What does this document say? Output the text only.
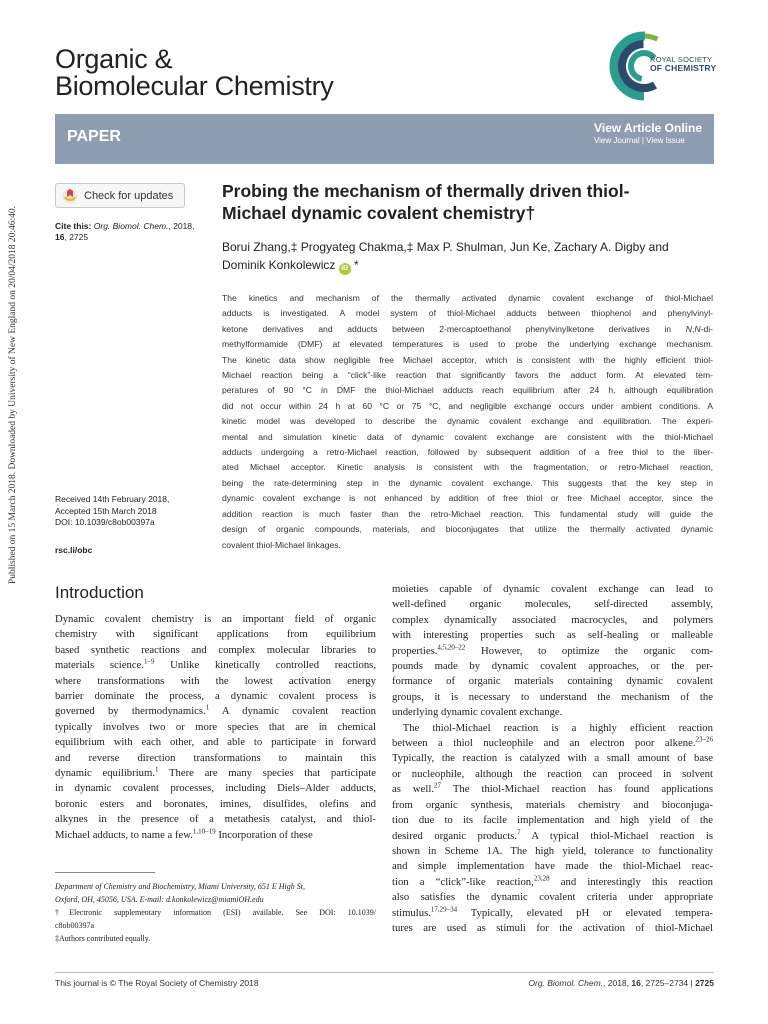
Published on 15 March 2018. Downloaded by University of New England on 20/04/2018 20:46:40.
Organic &
Biomolecular Chemistry
ROYAL SOCIETY
OF CHEMISTRY
PAPER	View Article Online
View Journal | View Issue
Check for updates
Cite this: Org. Biomol. Chem., 2018,
16, 2725
Probing the mechanism of thermally driven thiol-
Michael dynamic covalent chemistry†
Borui Zhang,‡ Progyateg Chakma,‡ Max P. Shulman, Jun Ke, Zachary A. Digby and
Dominik Konkolewicz iD *
The kinetics and mechanism of the thermally activated dynamic covalent exchange of thiol-Michael
adducts is investigated. A model system of thiol-Michael adducts between thiophenol and phenylvinyl-
ketone derivatives and adducts between 2-mercaptoethanol phenylvinylketone derivatives in N,N-di-
methylformamide (DMF) at elevated temperatures is used to probe the underlying exchange mechanism.
The kinetic data show negligible free Michael acceptor, which is consistent with the highly efficient thiol-
Michael reaction being a “click”-like reaction that significantly favors the adduct form. At elevated tem-
peratures of 90 °C in DMF the thiol-Michael adducts reach equilibrium after 24 h, although equilibration
did not occur within 24 h at 60 °C or 75 °C, and negligible exchange occurs under ambient conditions. A
kinetic model was developed to describe the dynamic covalent exchange and equilibration. The experi-
mental and simulation kinetic data of dynamic covalent exchange are consistent with the thiol-Michael
adducts undergoing a retro-Michael reaction, followed by subsequent addition of a free thiol to the liber-
ated Michael acceptor. Kinetic analysis is consistent with the fragmentation, or retro-Michael reaction,
being the rate-determining step in the dynamic covalent exchange. This suggests that the key step in
dynamic covalent exchange is not enhanced by addition of free thiol or free Michael acceptor, since the
addition reaction is much faster than the retro-Michael reaction. This fundamental study will guide the
design of organic compounds, materials, and bioconjugates that utilize the thermally activated dynamic
covalent thiol-Michael linkages.
Received 14th February 2018,
Accepted 15th March 2018
DOI: 10.1039/c8ob00397a
rsc.li/obc
Introduction
Dynamic covalent chemistry is an important field of organic
chemistry with significant applications from equilibrium
based synthetic reactions and complex molecular libraries to
materials science.$^{1-9}$ Unlike kinetically controlled reactions,
where transformations with the lowest activation energy
barrier dominate the process, a dynamic covalent process is
governed by thermodynamics.$^1$ A dynamic covalent reaction
typically involves two or more species that are in chemical
equilibrium with each other, and able to participate in forward
and reverse direction transformations to maintain this
dynamic equilibrium.$^1$ There are many species that participate
in dynamic covalent processes, including Diels–Alder adducts,
boronic esters and boronates, imines, disulfides, olefins and
alkynes in the presence of a metathesis catalyst, and thiol-
Michael adducts, to name a few.$^{1,10-19}$ Incorporation of these
moieties capable of dynamic covalent exchange can lead to
well-defined organic molecules, self-directed assembly,
complex dynamically associated macrocycles, and polymers
with interesting properties such as self-healing or malleable
properties.$^{4,5,20-22}$ However, to optimize the organic com-
pounds made by dynamic covalent approaches, or the per-
formance of organic materials containing dynamic covalent
groups, it is necessary to understand the mechanism of the
underlying dynamic covalent exchange.
 The thiol-Michael reaction is a highly efficient reaction
between a thiol nucleophile and an electron poor alkene.$^{23-26}$
Typically, the reaction is catalyzed with a small amount of base
or nucleophile, although the reaction can proceed in solvent
as well.$^{27}$ The thiol-Michael reaction has found applications
from organic synthesis, materials chemistry and bioconjuga-
tion due to its facile implementation and high yield of the
desired organic products.$^7$ A typical thiol-Michael reaction is
shown in Scheme 1A. The high yield, tolerance to functionality
and simple implementation have made the thiol-Michael reac-
tion a “click”-like reaction,$^{23,28}$ and interestingly this reaction
also satisfies the dynamic covalent criteria under appropriate
stimulus.$^{17,29-34}$ Typically, elevated pH or elevated tempera-
tures are used as stimuli for the activation of thiol-Michael
Department of Chemistry and Biochemistry, Miami University, 651 E High St,
Oxford, OH, 45056, USA. E-mail: d.konkolewicz@miamiOH.edu
†Electronic supplementary information (ESI) available. See DOI: 10.1039/
c8ob00397a
‡Authors contributed equally.
This journal is © The Royal Society of Chemistry 2018	Org. Biomol. Chem., 2018, 16, 2725–2734 | 2725
